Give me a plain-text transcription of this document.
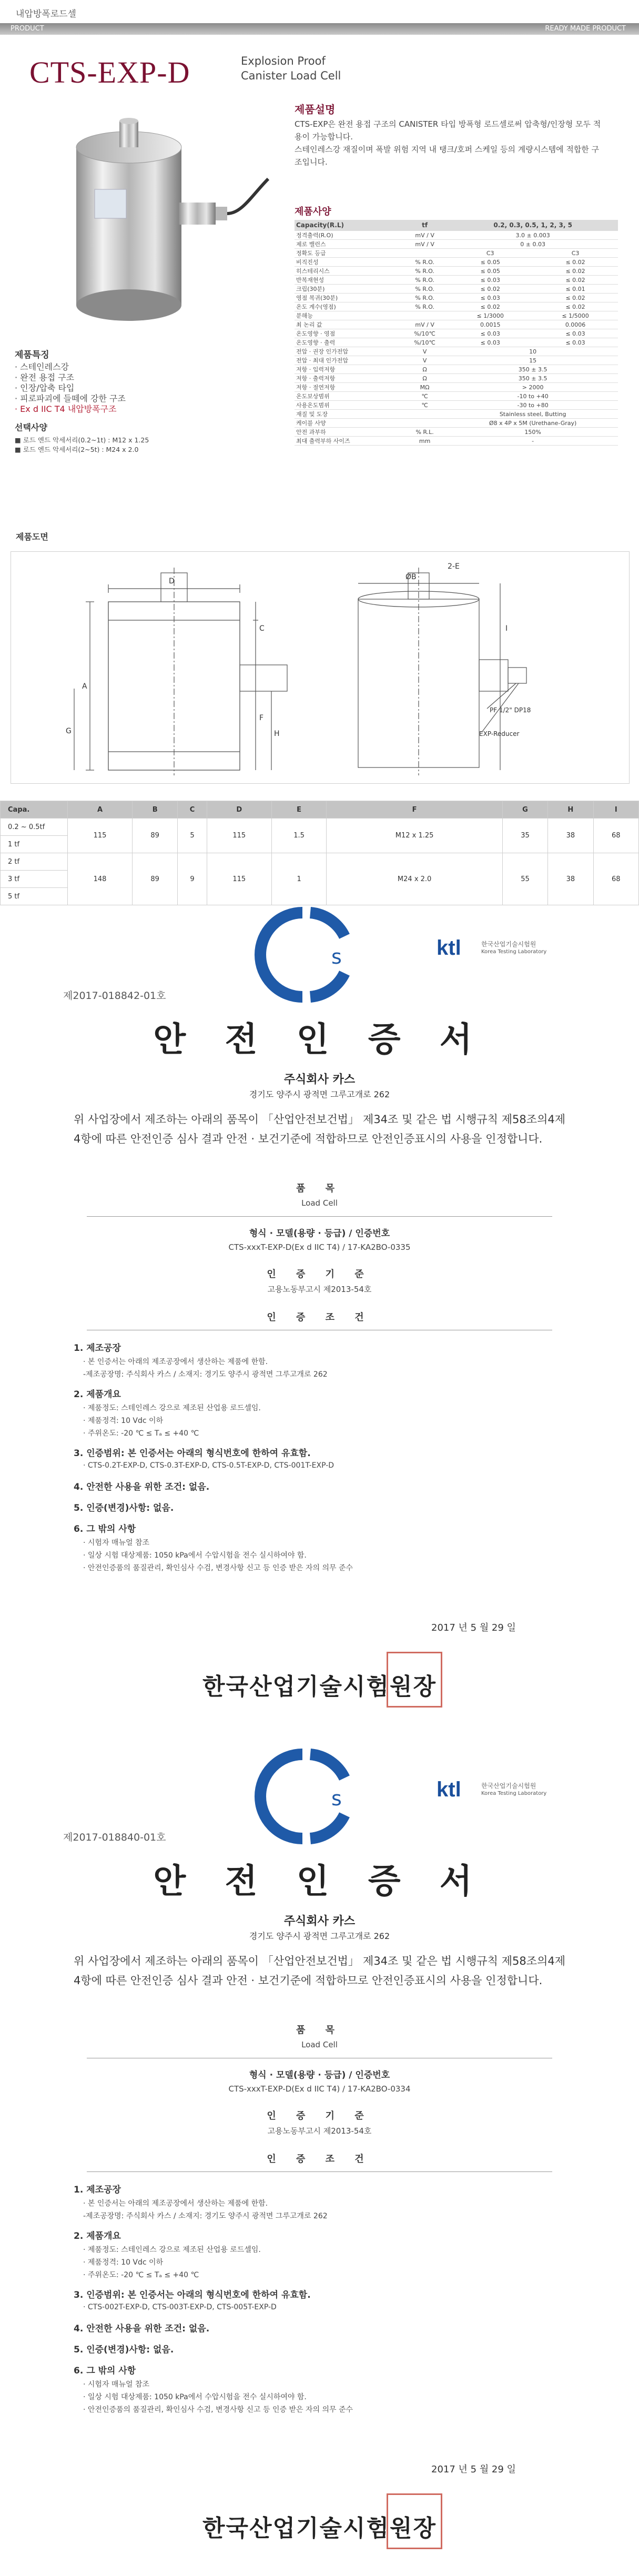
내압방폭로드셀
PRODUCT	READY MADE PRODUCT
CTS-EXP-D	Explosion Proof
Canister Load Cell
제품설명
CTS-EXP은 완전 용접 구조의 CANISTER 타입 방폭형 로드셀로써 압축형/인장형 모두 적
용이 가능합니다.
스테인레스강 재질이며 폭발 위험 지역 내 탱크/호퍼 스케일 등의 계량시스템에 적합한 구
조입니다.
제품사양
Capacity(R.L)	tf	0.2, 0.3, 0.5, 1, 2, 3, 5	
정격출력(R.O)	mV / V	3.0 ± 0.003	
제로 밸런스	mV / V	0 ± 0.03	
정확도 등급		C3	C3
비직진성	% R.O.	≤ 0.05	≤ 0.02
히스테리시스	% R.O.	≤ 0.05	≤ 0.02
반복재현성	% R.O.	≤ 0.03	≤ 0.02
크립(30분)	% R.O.	≤ 0.02	≤ 0.01
영점 복귀(30분)	% R.O.	≤ 0.03	≤ 0.02
온도 계수(영점)	% R.O.	≤ 0.02	≤ 0.02
분해능		≤ 1/3000	≤ 1/5000
최 논리 값	mV / V	0.0015	0.0006
온도영향 · 영점	%/10℃	≤ 0.03	≤ 0.03
온도영향 · 출력	%/10℃	≤ 0.03	≤ 0.03
전압 · 권장 인가전압	V	10	
전압 · 최대 인가전압	V	15	
저항 · 입력저항	Ω	350 ± 3.5	
저항 · 출력저항	Ω	350 ± 3.5	
저항 · 절연저항	MΩ	> 2000	
온도보상범위	℃	-10 to +40	
사용온도범위	℃	-30 to +80	
재질 및 도장		Stainless steel, Butting	
케이블 사양		Ø8 x 4P x 5M (Urethane-Gray)	
안전 과부하	% R.L.	150%	
최대 출력부하 사이즈	mm	-	
제품특징
· 스테인레스강
· 완전 용접 구조
· 인장/압축 타입
· 피로파괴에 들떼에 강한 구조
· Ex d IIC T4 내압방폭구조
선택사양
■ 로드 엔드 악세서리(0.2~1t) : M12 x 1.25
■ 로드 엔드 악세서리(2~5t) : M24 x 2.0
제품도면
D
A
C
F
H
G
ØB
2-E
I
PF 1/2" DP18
EXP-Reducer
Capa.	A	B	C	D	E	F	G	H	I
0.2 ~ 0.5tf	115	89	5	115	1.5	M12 x 1.25	35	38	68
1 tf									
2 tf	148	89	9	115	1	M24 x 2.0	55	38	68
3 tf									
5 tf									
s	ktl	한국산업기술시험원
Korea Testing Laboratory
제2017-018842-01호
안 전 인 증 서
주식회사 카스
경기도 양주시 광적면 그루고개로 262
위 사업장에서 제조하는 아래의 품목이 「산업안전보건법」 제34조 및 같은 법 시행규칙 제58조의4제4항에 따른 안전인증 심사 결과 안전 · 보건기준에 적합하므로 안전인증표시의 사용을 인정합니다.
품 목
Load Cell
형식 · 모델(용량 · 등급) / 인증번호
CTS-xxxT-EXP-D(Ex d IIC T4) / 17-KA2BO-0335
인 증 기 준
고용노동부고시 제2013-54호
인 증 조 건
1. 제조공장
· 본 인증서는 아래의 제조공장에서 생산하는 제품에 한함.
-제조공장명: 주식회사 카스 / 소재지: 경기도 양주시 광적면 그루고개로 262
2. 제품개요
· 제품정도: 스테인레스 강으로 제조된 산업용 로드셀임.
· 제품정격: 10 Vdc 이하
· 주위온도: -20 ℃ ≤ Tₐ ≤ +40 ℃
3. 인증범위: 본 인증서는 아래의 형식번호에 한하여 유효함.
· CTS-0.2T-EXP-D, CTS-0.3T-EXP-D, CTS-0.5T-EXP-D, CTS-001T-EXP-D
4. 안전한 사용을 위한 조건: 없음.
5. 인증(변경)사항: 없음.
6. 그 밖의 사항
· 시험자 매뉴얼 참조
· 일상 시험 대상제품: 1050 kPa에서 수압시험을 전수 실시하여야 함.
· 안전인증품의 품질관리, 확인심사 수검, 변경사항 신고 등 인증 받은 자의 의무 준수
2017 년 5 월 29 일
한국산업기술시험원장
s	ktl	한국산업기술시험원
Korea Testing Laboratory
제2017-018840-01호
안 전 인 증 서
주식회사 카스
경기도 양주시 광적면 그루고개로 262
위 사업장에서 제조하는 아래의 품목이 「산업안전보건법」 제34조 및 같은 법 시행규칙 제58조의4제4항에 따른 안전인증 심사 결과 안전 · 보건기준에 적합하므로 안전인증표시의 사용을 인정합니다.
품 목
Load Cell
형식 · 모델(용량 · 등급) / 인증번호
CTS-xxxT-EXP-D(Ex d IIC T4) / 17-KA2BO-0334
인 증 기 준
고용노동부고시 제2013-54호
인 증 조 건
1. 제조공장
· 본 인증서는 아래의 제조공장에서 생산하는 제품에 한함.
-제조공장명: 주식회사 카스 / 소재지: 경기도 양주시 광적면 그루고개로 262
2. 제품개요
· 제품정도: 스테인레스 강으로 제조된 산업용 로드셀임.
· 제품정격: 10 Vdc 이하
· 주위온도: -20 ℃ ≤ Tₐ ≤ +40 ℃
3. 인증범위: 본 인증서는 아래의 형식번호에 한하여 유효함.
· CTS-002T-EXP-D, CTS-003T-EXP-D, CTS-005T-EXP-D
4. 안전한 사용을 위한 조건: 없음.
5. 인증(변경)사항: 없음.
6. 그 밖의 사항
· 시험자 매뉴얼 참조
· 일상 시험 대상제품: 1050 kPa에서 수압시험을 전수 실시하여야 함.
· 안전인증품의 품질관리, 확인심사 수검, 변경사항 신고 등 인증 받은 자의 의무 준수
2017 년 5 월 29 일
한국산업기술시험원장
